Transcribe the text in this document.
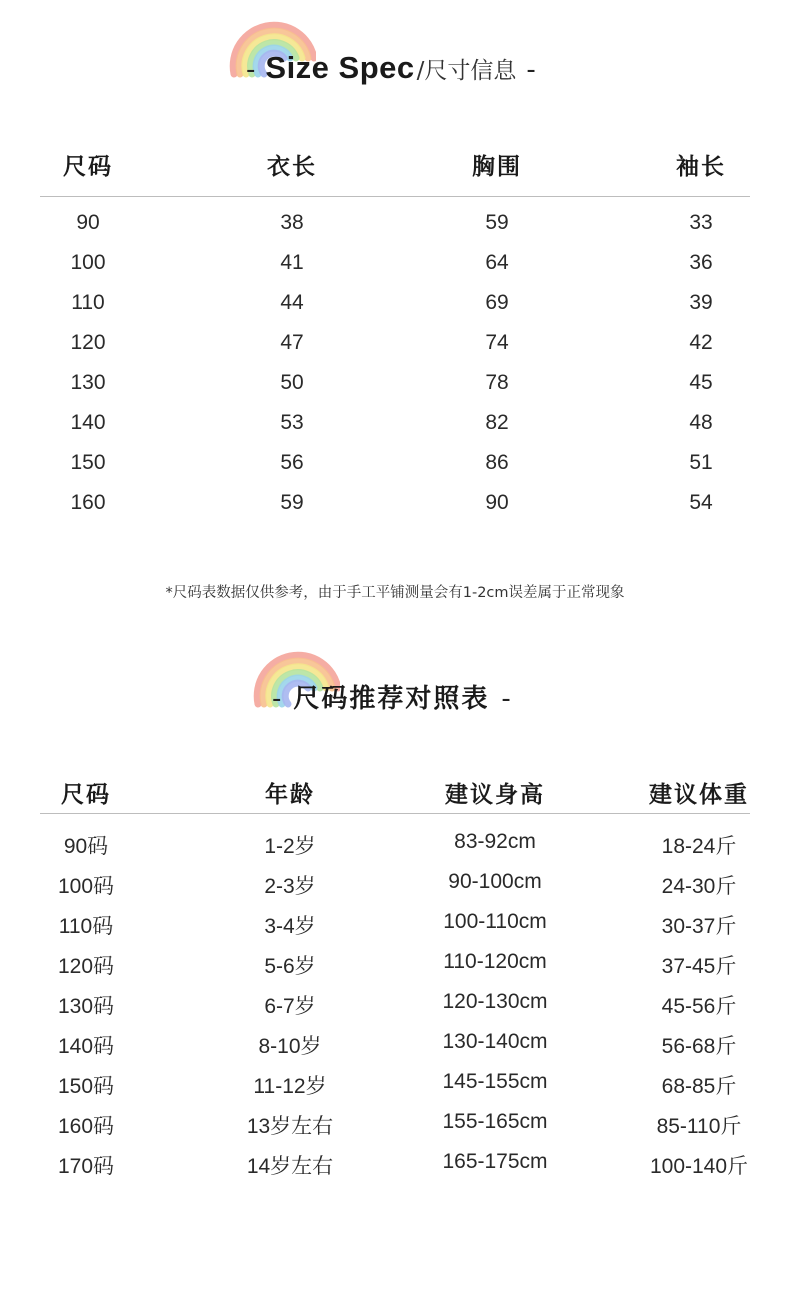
- Size Spec /尺寸信息 -
尺码	衣长	胸围	袖长
90	38	59	33
100	41	64	36
110	44	69	39
120	47	74	42
130	50	78	45
140	53	82	48
150	56	86	51
160	59	90	54
*尺码表数据仅供参考，由于手工平铺测量会有1-2cm误差属于正常现象
- 尺码推荐对照表 -
尺码	年龄	建议身高	建议体重
90码	1-2岁	83-92cm	18-24斤
100码	2-3岁	90-100cm	24-30斤
110码	3-4岁	100-110cm	30-37斤
120码	5-6岁	110-120cm	37-45斤
130码	6-7岁	120-130cm	45-56斤
140码	8-10岁	130-140cm	56-68斤
150码	11-12岁	145-155cm	68-85斤
160码	13岁左右	155-165cm	85-110斤
170码	14岁左右	165-175cm	100-140斤
